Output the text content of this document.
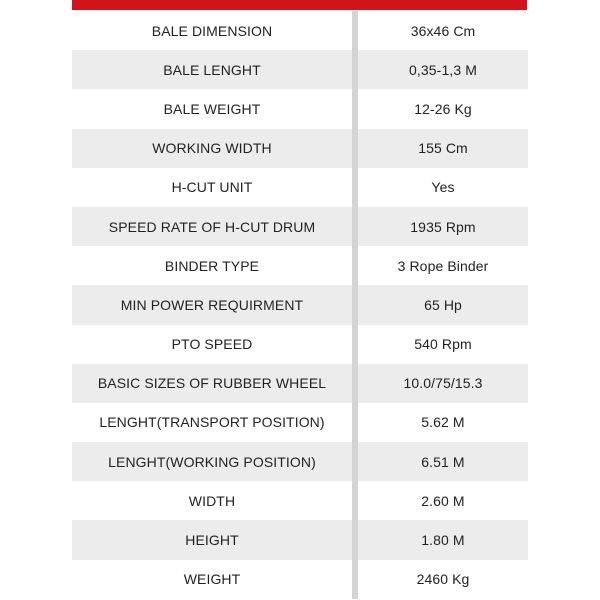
BALE DIMENSION	36x46 Cm
BALE LENGHT	0,35-1,3 M
BALE WEIGHT	12-26 Kg
WORKING WIDTH	155 Cm
H-CUT UNIT	Yes
SPEED RATE OF H-CUT DRUM	1935 Rpm
BINDER TYPE	3 Rope Binder
MIN POWER REQUIRMENT	65 Hp
PTO SPEED	540 Rpm
BASIC SIZES OF RUBBER WHEEL	10.0/75/15.3
LENGHT(TRANSPORT POSITION)	5.62 M
LENGHT(WORKING POSITION)	6.51 M
WIDTH	2.60 M
HEIGHT	1.80 M
WEIGHT	2460 Kg
